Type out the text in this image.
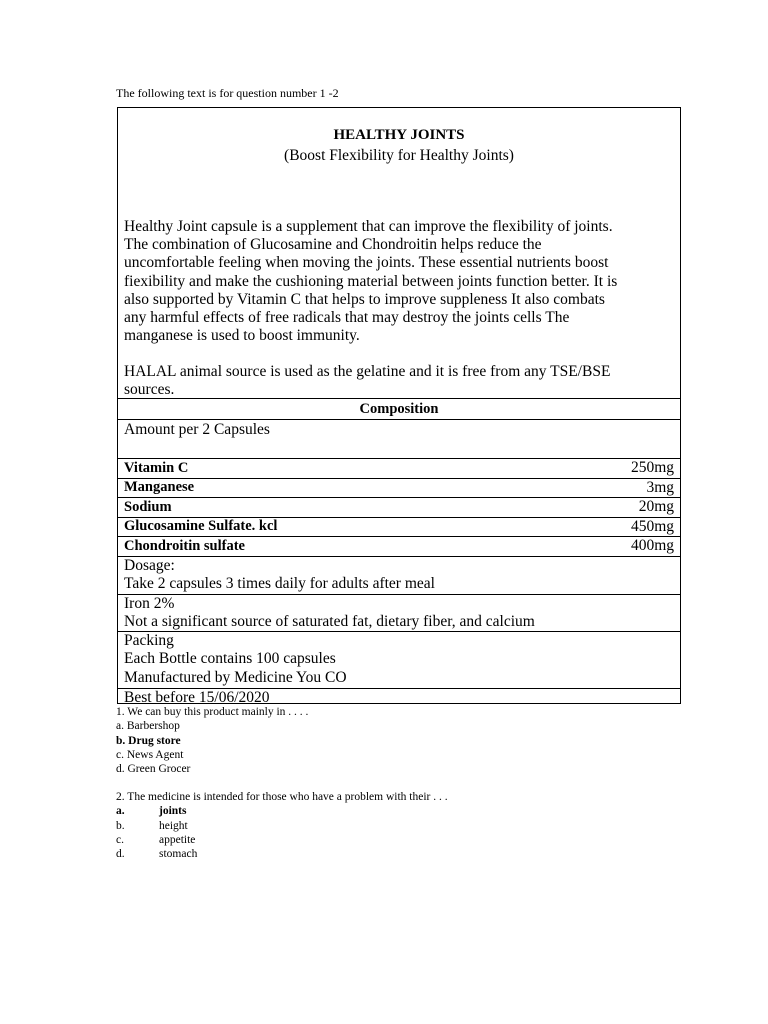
The following text is for question number 1 -2
HEALTHY JOINTS
(Boost Flexibility for Healthy Joints)

Healthy Joint capsule is a supplement that can improve the flexibility of joints.
The combination of Glucosamine and Chondroitin helps reduce the
uncomfortable feeling when moving the joints. These essential nutrients boost
fiexibility and make the cushioning material between joints function better. It is
also supported by Vitamin C that helps to improve suppleness It also combats
any harmful effects of free radicals that may destroy the joints cells The
manganese is used to boost immunity.

HALAL animal source is used as the gelatine and it is free from any TSE/BSE
sources.

Composition
Amount per 2 Capsules
Vitamin C	250mg
Manganese	3mg
Sodium	20mg
Glucosamine Sulfate. kcl	450mg
Chondroitin sulfate	400mg
Dosage:
Take 2 capsules 3 times daily for adults after meal
Iron 2%
Not a significant source of saturated fat, dietary fiber, and calcium
Packing
Each Bottle contains 100 capsules
Manufactured by Medicine You CO
Best before 15/06/2020
1. We can buy this product mainly in . . . .
a. Barbershop
b. Drug store
c. News Agent
d. Green Grocer
2. The medicine is intended for those who have a problem with their . . .
a.	joints
b.	height
c.	appetite
d.	stomach
